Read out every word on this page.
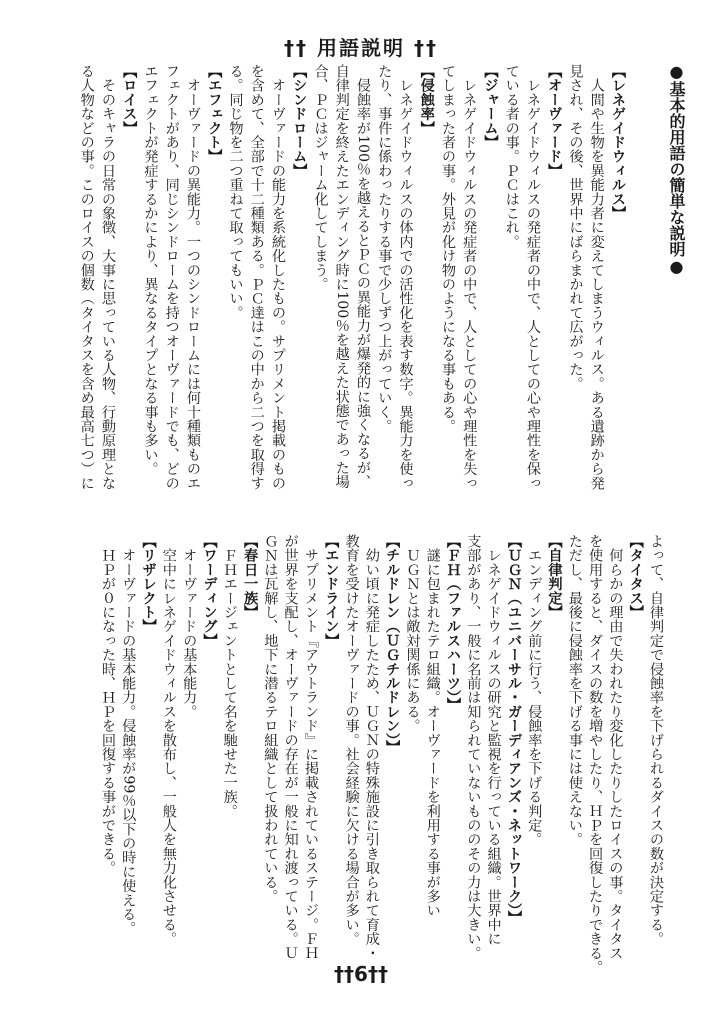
†† 用語説明 ††
●基本的用語の簡単な説明●
【レネゲイドウィルス】
　人間や生物を異能力者に変えてしまうウィルス。ある遺跡から発
見され、その後、世界中にばらまかれて広がった。
【オーヴァード】
　レネゲイドウィルスの発症者の中で、人としての心や理性を保っ
ている者の事。ＰＣはこれ。
【ジャーム】
　レネゲイドウィルスの発症者の中で、人としての心や理性を失っ
てしまった者の事。外見が化け物のようになる事もある。
【侵蝕率】
　レネゲイドウィルスの体内での活性化を表す数字。異能力を使っ
たり、事件に係わったりする事で少しずつ上がっていく。
　侵蝕率が100％を越えるとＰＣの異能力が爆発的に強くなるが、
自律判定を終えたエンディング時に100％を越えた状態であった場
合、ＰＣはジャーム化してしまう。
【シンドローム】
　オーヴァードの能力を系統化したもの。サプリメント掲載のもの
を含めて、全部で十二種類ある。ＰＣ達はこの中から二つを取得す
る。同じ物を二つ重ねて取ってもいい。
【エフェクト】
　オーヴァードの異能力。一つのシンドロームには何十種類ものエ
フェクトがあり、同じシンドロームを持つオーヴァードでも、どの
エフェクトが発症するかにより、異なるタイプとなる事も多い。
【ロイス】
　そのキャラの日常の象徴、大事に思っている人物、行動原理とな
る人物などの事。このロイスの個数（タイタスを含め最高七つ）に
よって、自律判定で侵蝕率を下げられるダイスの数が決定する。
【タイタス】
　何らかの理由で失われたり変化したりしたロイスの事。タイタス
を使用すると、ダイスの数を増やしたり、ＨＰを回復したりできる。
ただし、最後に侵蝕率を下げる事には使えない。
【自律判定】
　エンディング前に行う、侵蝕率を下げる判定。
【ＵＧＮ（ユニバーサル・ガーディアンズ・ネットワーク）】
　レネゲイドウィルスの研究と監視を行っている組織。世界中に
支部があり、一般に名前は知られていないもののその力は大きい。
【ＦＨ（ファルスハーツ）】
　謎に包まれたテロ組織。オーヴァードを利用する事が多い
　ＵＧＮとは敵対関係にある。
【チルドレン（ＵＧチルドレン）】
　幼い頃に発症したため、ＵＧＮの特殊施設に引き取られて育成・
教育を受けたオーヴァードの事。社会経験に欠ける場合が多い。
【エンドライン】
　サプリメント『アウトランド』に掲載されているステージ。ＦＨ
が世界を支配し、オーヴァードの存在が一般に知れ渡っている。Ｕ
ＧＮは瓦解し、地下に潜るテロ組織として扱われている。
【春日一族】
　ＦＨエージェントとして名を馳せた一族。
【ワーディング】
　オーヴァードの基本能力。
　空中にレネゲイドウィルスを散布し、一般人を無力化させる。
【リザレクト】
　オーヴァードの基本能力。侵蝕率が99％以下の時に使える。
　ＨＰが０になった時、ＨＰを回復する事ができる。
††6††
